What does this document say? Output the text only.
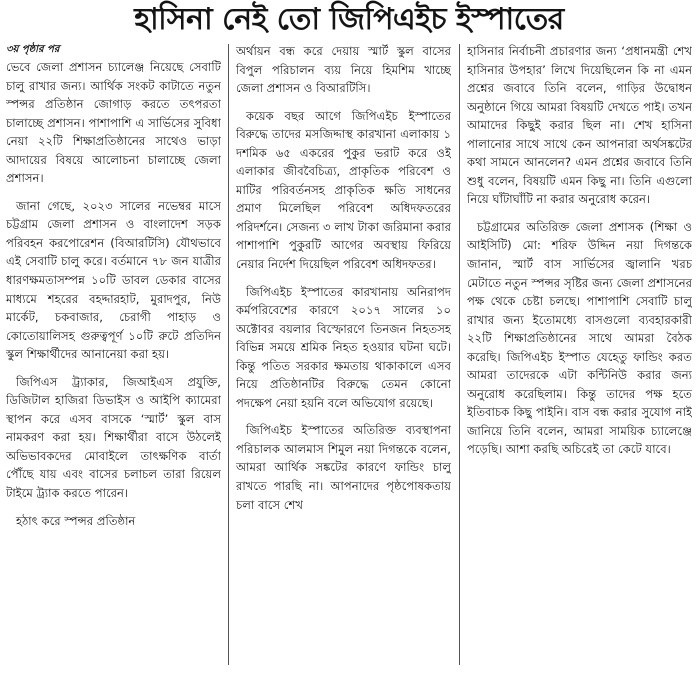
হাসিনা নেই তো জিপিএইচ ইস্পাতের

৩য় পৃষ্ঠার পর

ভেবে জেলা প্রশাসন চ্যালেঞ্জ নিয়েছে সেবাটি চালু রাখার জন্য। আর্থিক সংকট কাটাতে নতুন স্পন্সর প্রতিষ্ঠান জোগাড় করতে তৎপরতা চালাচ্ছে প্রশাসন। পাশাপাশি এ সার্ভিসের সুবিধা নেয়া ২২টি শিক্ষাপ্রতিষ্ঠানের সাথেও ভাড়া আদায়ের বিষয়ে আলোচনা চালাচ্ছে জেলা প্রশাসন।

জানা গেছে, ২০২৩ সালের নভেম্বর মাসে চট্টগ্রাম জেলা প্রশাসন ও বাংলাদেশ সড়ক পরিবহন করপোরেশন (বিআরটিসি) যৌথভাবে এই সেবাটি চালু করে। বর্তমানে ৭৮ জন যাত্রীর ধারণক্ষমতাসম্পন্ন ১০টি ডাবল ডেকার বাসের মাধ্যমে শহরের বহদ্দারহাট, মুরাদপুর, নিউ মার্কেট, চকবাজার, চেরাগী পাহাড় ও কোতোয়ালিসহ গুরুত্বপূর্ণ ১০টি রুটে প্রতিদিন স্কুল শিক্ষার্থীদের আনানেয়া করা হয়।

জিপিএস ট্র্যাকার, জিআইএস প্রযুক্তি, ডিজিটাল হাজিরা ডিভাইস ও আইপি ক্যামেরা স্থাপন করে এসব বাসকে ‘স্মার্ট’ স্কুল বাস নামকরণ করা হয়। শিক্ষার্থীরা বাসে উঠলেই অভিভাবকদের মোবাইলে তাৎক্ষণিক বার্তা পৌঁছে যায় এবং বাসের চলাচল তারা রিয়েল টাইমে ট্র্যাক করতে পারেন।

হঠাৎ করে স্পন্সর প্রতিষ্ঠান

অর্থায়ন বন্ধ করে দেয়ায় স্মার্ট স্কুল বাসের বিপুল পরিচালন ব্যয় নিয়ে হিমশিম খাচ্ছে জেলা প্রশাসন ও বিআরটিসি।

কয়েক বছর আগে জিপিএইচ ইস্পাতের বিরুদ্ধে তাদের মসজিদ্দাস্থ কারখানা এলাকায় ১ দশমিক ৬৫ একরের পুকুর ভরাট করে ওই এলাকার জীববৈচিত্র্য, প্রাকৃতিক পরিবেশ ও মাটির পরিবর্তনসহ প্রাকৃতিক ক্ষতি সাধনের প্রমাণ মিলেছিল পরিবেশ অধিদফতরের পরিদর্শনে। সেজন্য ৩ লাখ টাকা জরিমানা করার পাশাপাশি পুকুরটি আগের অবস্থায় ফিরিয়ে নেয়ার নির্দেশ দিয়েছিল পরিবেশ অধিদফতর।

জিপিএইচ ইস্পাতের কারখানায় অনিরাপদ কর্মপরিবেশের কারণে ২০১৭ সালের ১০ অক্টোবর বয়লার বিস্ফোরণে তিনজন নিহতসহ বিভিন্ন সময়ে শ্রমিক নিহত হওয়ার ঘটনা ঘটে। কিন্তু পতিত সরকার ক্ষমতায় থাকাকালে এসব নিয়ে প্রতিষ্ঠানটির বিরুদ্ধে তেমন কোনো পদক্ষেপ নেয়া হয়নি বলে অভিযোগ রয়েছে।

জিপিএইচ ইস্পাতের অতিরিক্ত ব্যবস্থাপনা পরিচালক আলমাস শিমুল নয়া দিগন্তকে বলেন, আমরা আর্থিক সঙ্কটের কারণে ফান্ডিং চালু রাখতে পারছি না। আপনাদের পৃষ্ঠপোষকতায় চলা বাসে শেখ

হাসিনার নির্বাচনী প্রচারণার জন্য ‘প্রধানমন্ত্রী শেখ হাসিনার উপহার’ লিখে দিয়েছিলেন কি না এমন প্রশ্নের জবাবে তিনি বলেন, গাড়ির উদ্বোধন অনুষ্ঠানে গিয়ে আমরা বিষয়টি দেখতে পাই। তখন আমাদের কিছুই করার ছিল না। শেখ হাসিনা পালানোর সাথে সাথে কেন আপনারা অর্থসঙ্কটের কথা সামনে আনলেন? এমন প্রশ্নের জবাবে তিনি শুধু বলেন, বিষয়টি এমন কিছু না। তিনি এগুলো নিয়ে ঘাঁটাঘাঁটি না করার অনুরোধ করেন।

চট্টগ্রামের অতিরিক্ত জেলা প্রশাসক (শিক্ষা ও আইসিটি) মো: শরিফ উদ্দিন নয়া দিগন্তকে জানান, স্মার্ট বাস সার্ভিসের জ্বালানি খরচ মেটাতে নতুন স্পন্সর সৃষ্টির জন্য জেলা প্রশাসনের পক্ষ থেকে চেষ্টা চলছে। পাশাপাশি সেবাটি চালু রাখার জন্য ইতোমধ্যে বাসগুলো ব্যবহারকারী ২২টি শিক্ষাপ্রতিষ্ঠানের সাথে আমরা বৈঠক করেছি। জিপিএইচ ইস্পাত যেহেতু ফান্ডিং করত আমরা তাদেরকে এটা কন্টিনিউ করার জন্য অনুরোধ করেছিলাম। কিন্তু তাদের পক্ষ হতে ইতিবাচক কিছু পাইনি। বাস বন্ধ করার সুযোগ নাই জানিয়ে তিনি বলেন, আমরা সাময়িক চ্যালেঞ্জে পড়েছি। আশা করছি অচিরেই তা কেটে যাবে।
